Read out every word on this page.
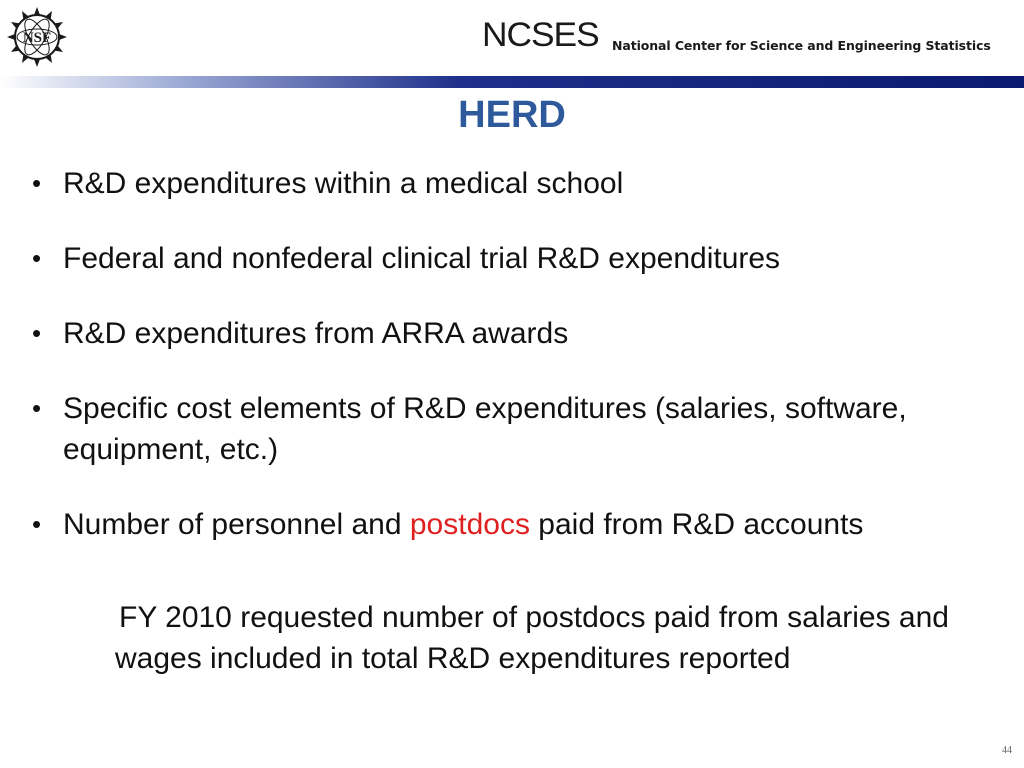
NSF	NCSES National Center for Science and Engineering Statistics
HERD
• R&D expenditures within a medical school
• Federal and nonfederal clinical trial R&D expenditures
• R&D expenditures from ARRA awards
• Specific cost elements of R&D expenditures (salaries, software, equipment, etc.)
• Number of personnel and postdocs paid from R&D accounts
FY 2010 requested number of postdocs paid from salaries and wages included in total R&D expenditures reported
44
